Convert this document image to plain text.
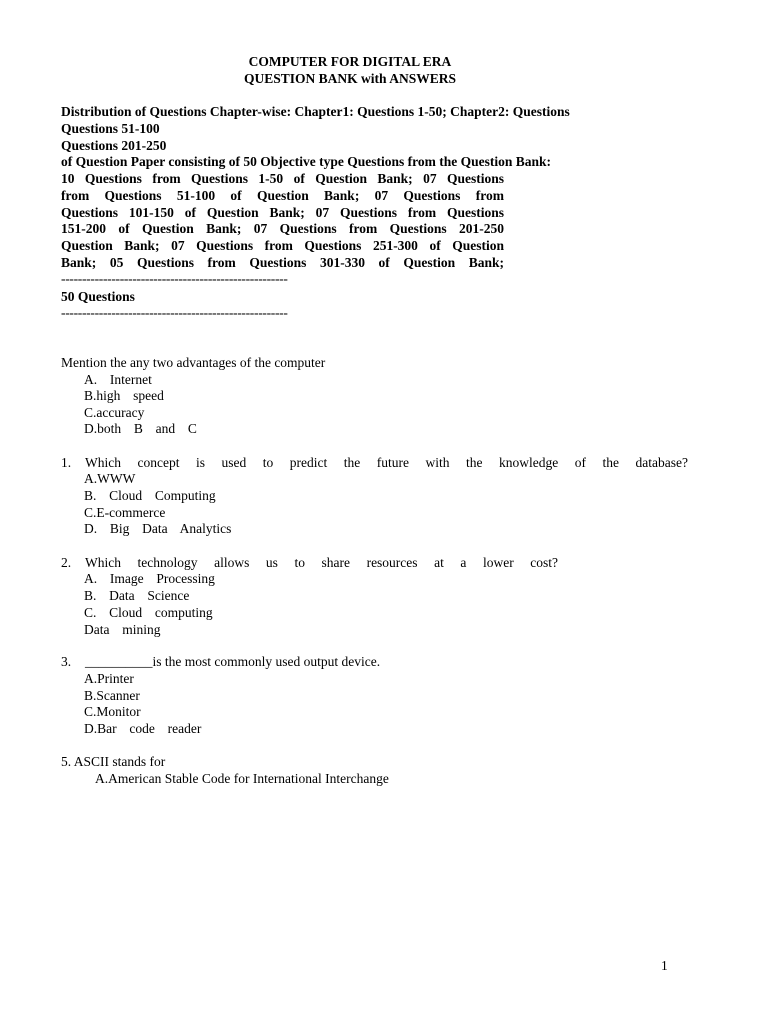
COMPUTER FOR DIGITAL ERA
QUESTION BANK with ANSWERS
Distribution of Questions Chapter-wise: Chapter1: Questions 1-50; Chapter2: Questions
Questions 51-100
Questions 201-250
of Question Paper consisting of 50 Objective type Questions from the Question Bank:
10 Questions from Questions 1-50 of Question Bank; 07 Questions
from Questions 51-100 of Question Bank; 07 Questions from
Questions 101-150 of Question Bank; 07 Questions from Questions
151-200 of Question Bank; 07 Questions from Questions 201-250
Question Bank; 07 Questions from Questions 251-300 of Question
Bank; 05 Questions from Questions 301-330 of Question Bank;
------------------------------------------------------
50 Questions
------------------------------------------------------
Mention the any two advantages of the computer
A.  Internet
B.high  speed
C.accuracy
D.both  B  and  C
1. Which concept is used to predict the future with the knowledge of the database?
A.WWW
B.  Cloud  Computing
C.E-commerce
D.  Big  Data  Analytics
2. Which technology allows us to share resources at a lower cost?
A.  Image  Processing
B.  Data  Science
C.  Cloud  computing
Data  mining
3. __________is the most commonly used output device.
A.Printer
B.Scanner
C.Monitor
D.Bar  code  reader
5. ASCII stands for
A.American Stable Code for International Interchange
1
